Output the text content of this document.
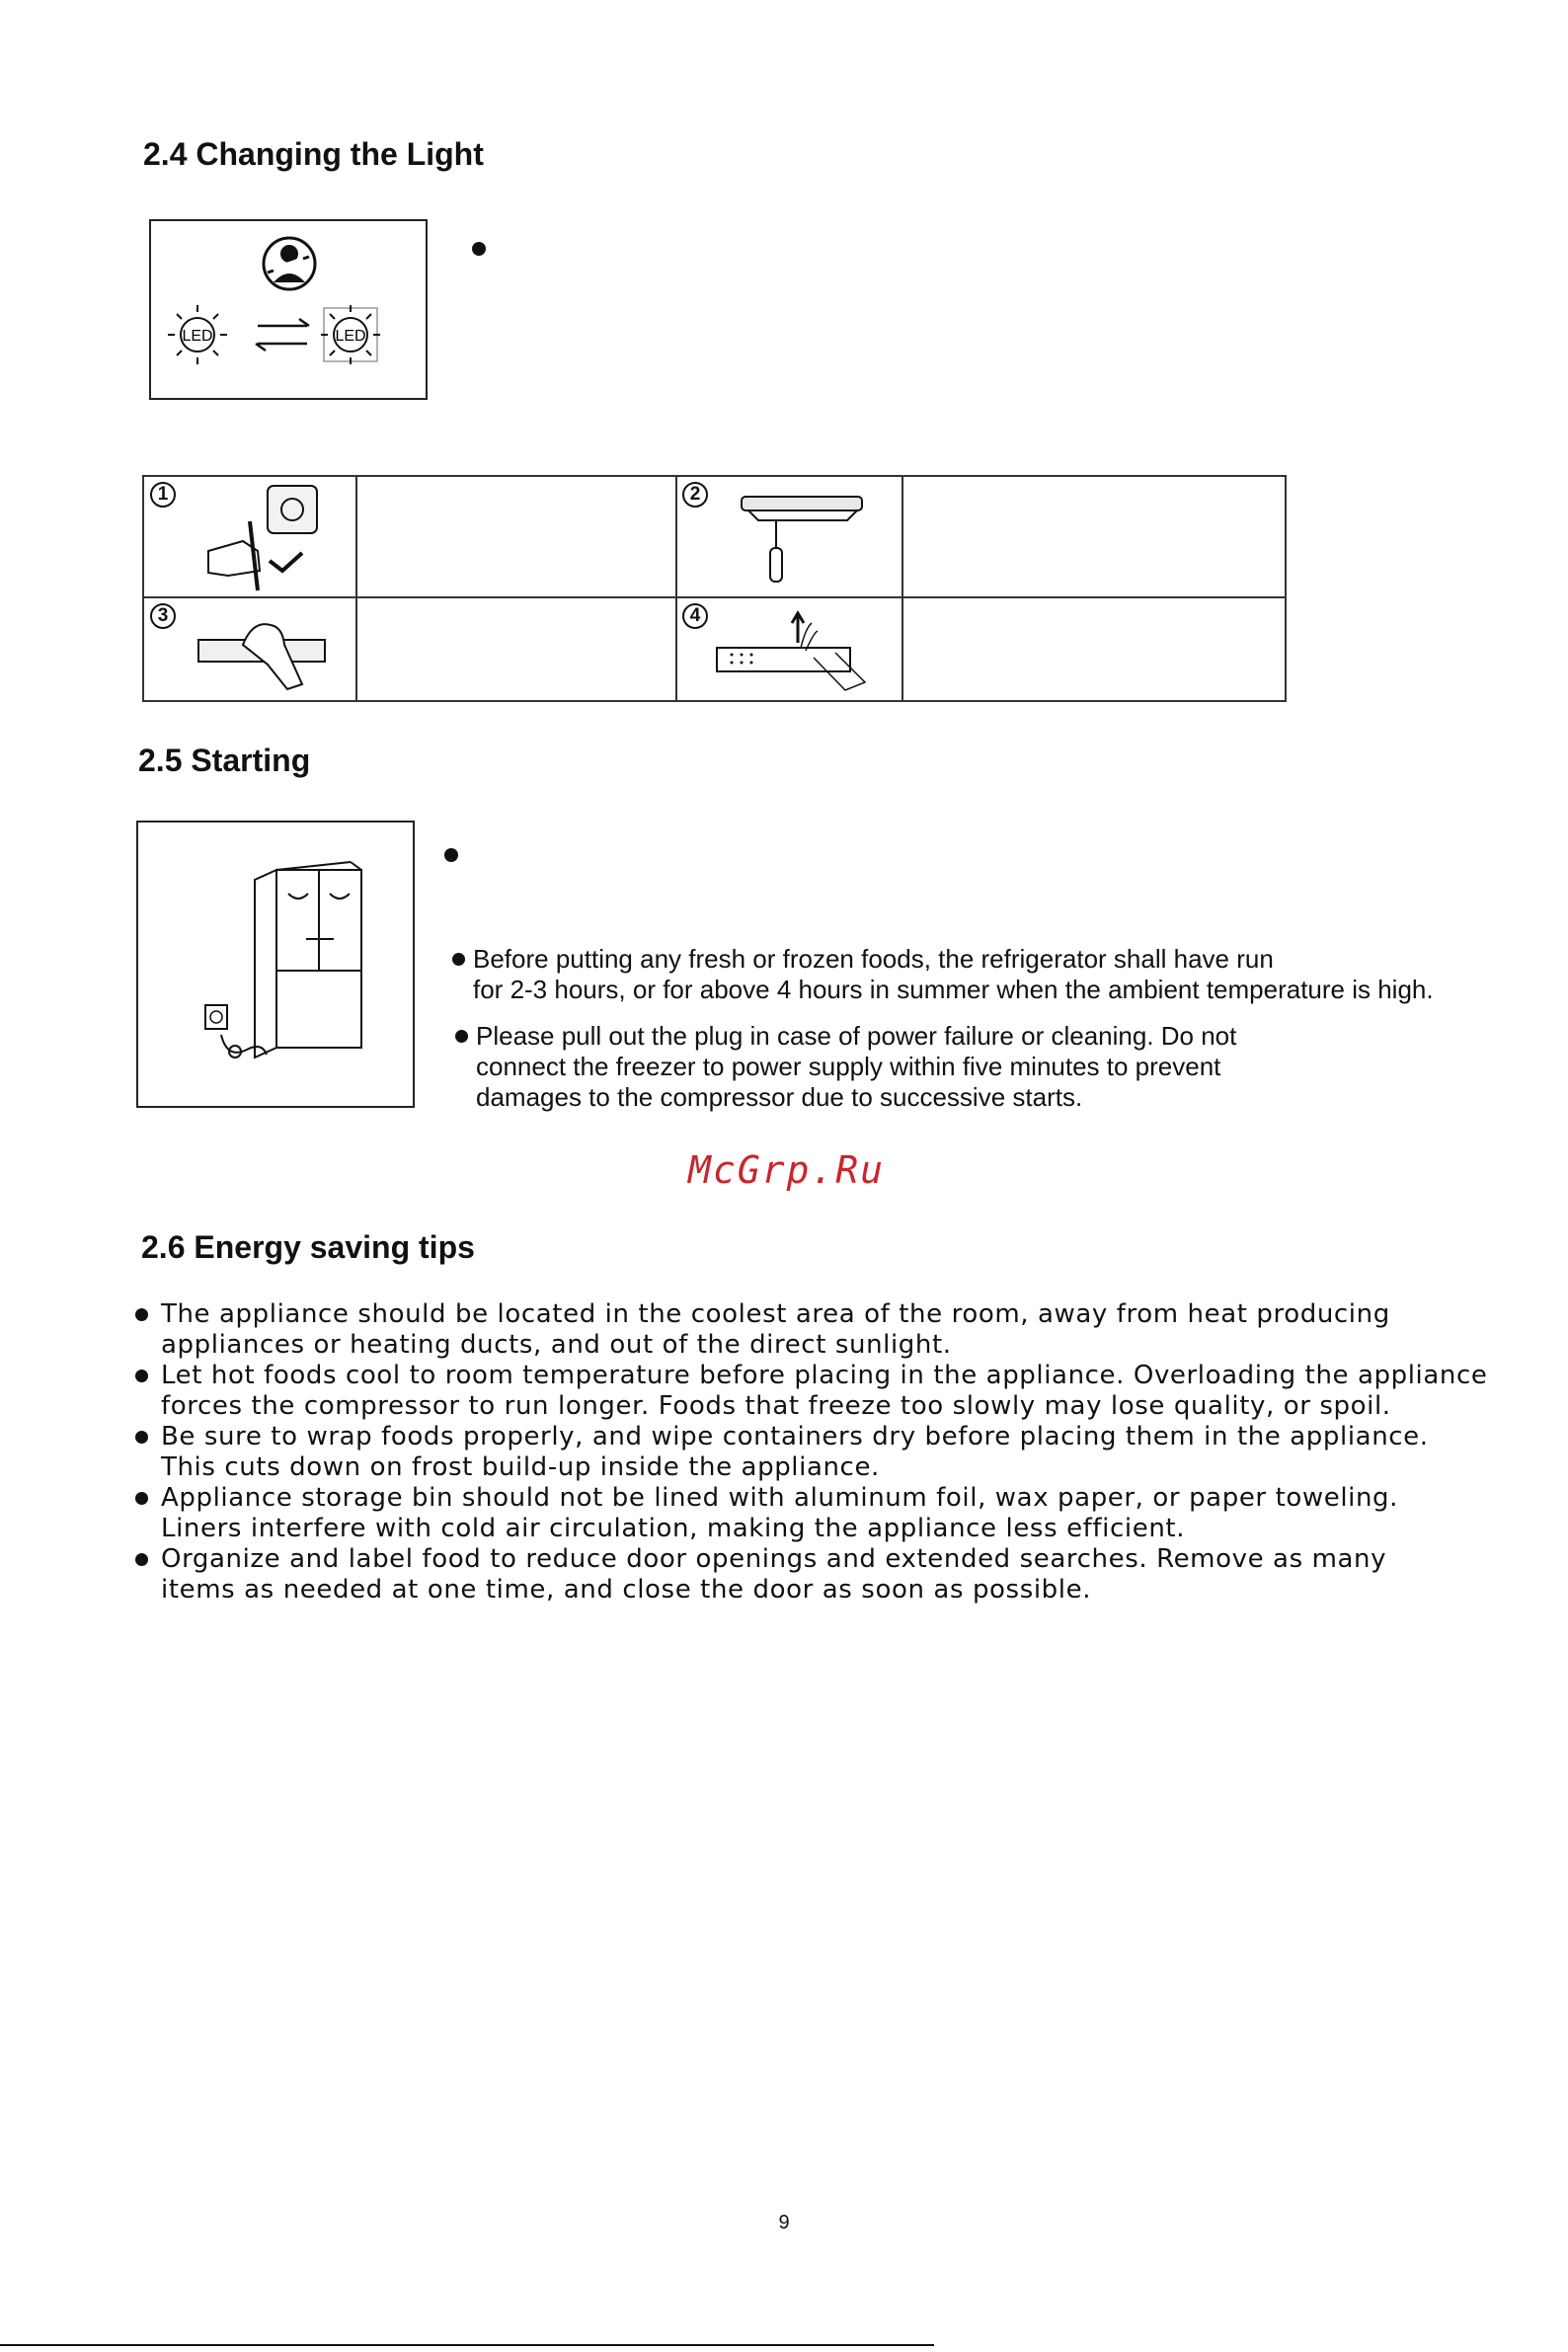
2.4 Changing the Light
LED	LED
1	2
3	4
2.5 Starting
Before putting any fresh or frozen foods, the refrigerator shall have run
for 2-3 hours, or for above 4 hours in summer when the ambient temperature is high.
Please pull out the plug in case of power failure or cleaning. Do not
connect the freezer to power supply within five minutes to prevent
damages to the compressor due to successive starts.
McGrp.Ru
2.6 Energy saving tips
The appliance should be located in the coolest area of the room, away from heat producing
appliances or heating ducts, and out of the direct sunlight.
Let hot foods cool to room temperature before placing in the appliance. Overloading the appliance
forces the compressor to run longer. Foods that freeze too slowly may lose quality, or spoil.
Be sure to wrap foods properly, and wipe containers dry before placing them in the appliance.
This cuts down on frost build-up inside the appliance.
Appliance storage bin should not be lined with aluminum foil, wax paper, or paper toweling.
Liners interfere with cold air circulation, making the appliance less efficient.
Organize and label food to reduce door openings and extended searches. Remove as many
items as needed at one time, and close the door as soon as possible.
9
